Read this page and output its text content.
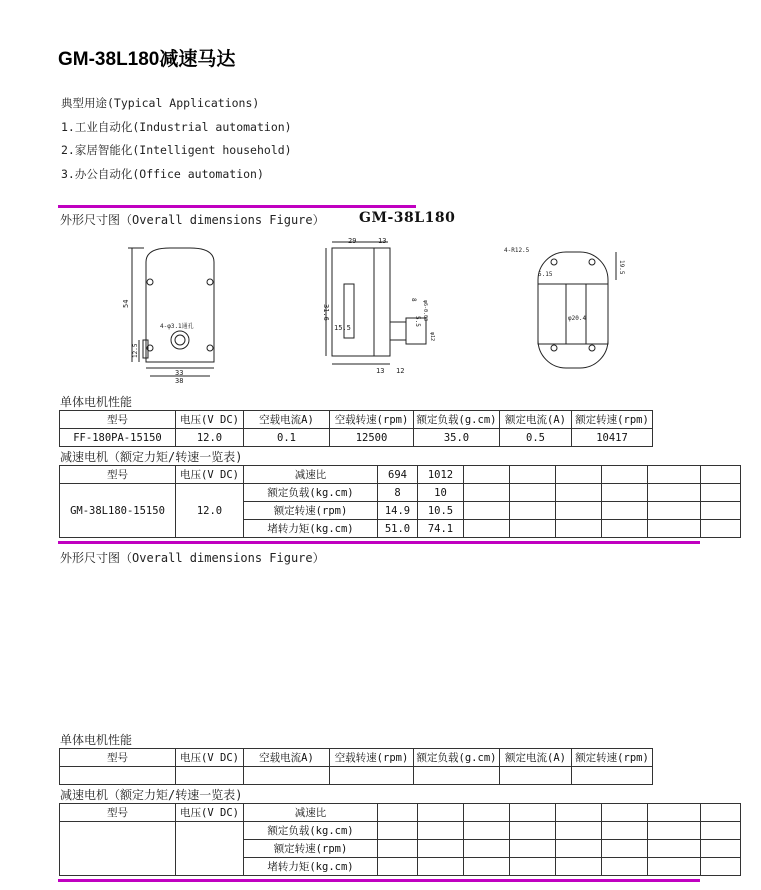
GM-38L180减速马达
典型用途(Typical Applications)
1.工业自动化(Industrial automation)
2.家居智能化(Intelligent household)
3.办公自动化(Office automation)
外形尺寸图（Overall dimensions Figure） GM-38L180
54
12.5
4-φ3.1通孔
33
38
29	13
31.6
15.5
8
5.5
φ6-0.03
φ12
13 12
4-R12.5
5.15
19.5
φ20.4
单体电机性能
型号	电压(V DC)	空载电流A)	空载转速(rpm)	额定负载(g.cm)	额定电流(A)	额定转速(rpm)
FF-180PA-15150	12.0	0.1	12500	35.0	0.5	10417
减速电机（额定力矩/转速一览表)
型号	电压(V DC)	减速比	694	1012						
GM-38L180-15150	12.0	额定负载(kg.cm)	8	10						
		额定转速(rpm)	14.9	10.5						
		堵转力矩(kg.cm)	51.0	74.1						
外形尺寸图（Overall dimensions Figure）
单体电机性能
型号	电压(V DC)	空载电流A)	空载转速(rpm)	额定负载(g.cm)	额定电流(A)	额定转速(rpm)

减速电机（额定力矩/转速一览表)
型号	电压(V DC)	减速比								
		额定负载(kg.cm)								
		额定转速(rpm)								
		堵转力矩(kg.cm)								
